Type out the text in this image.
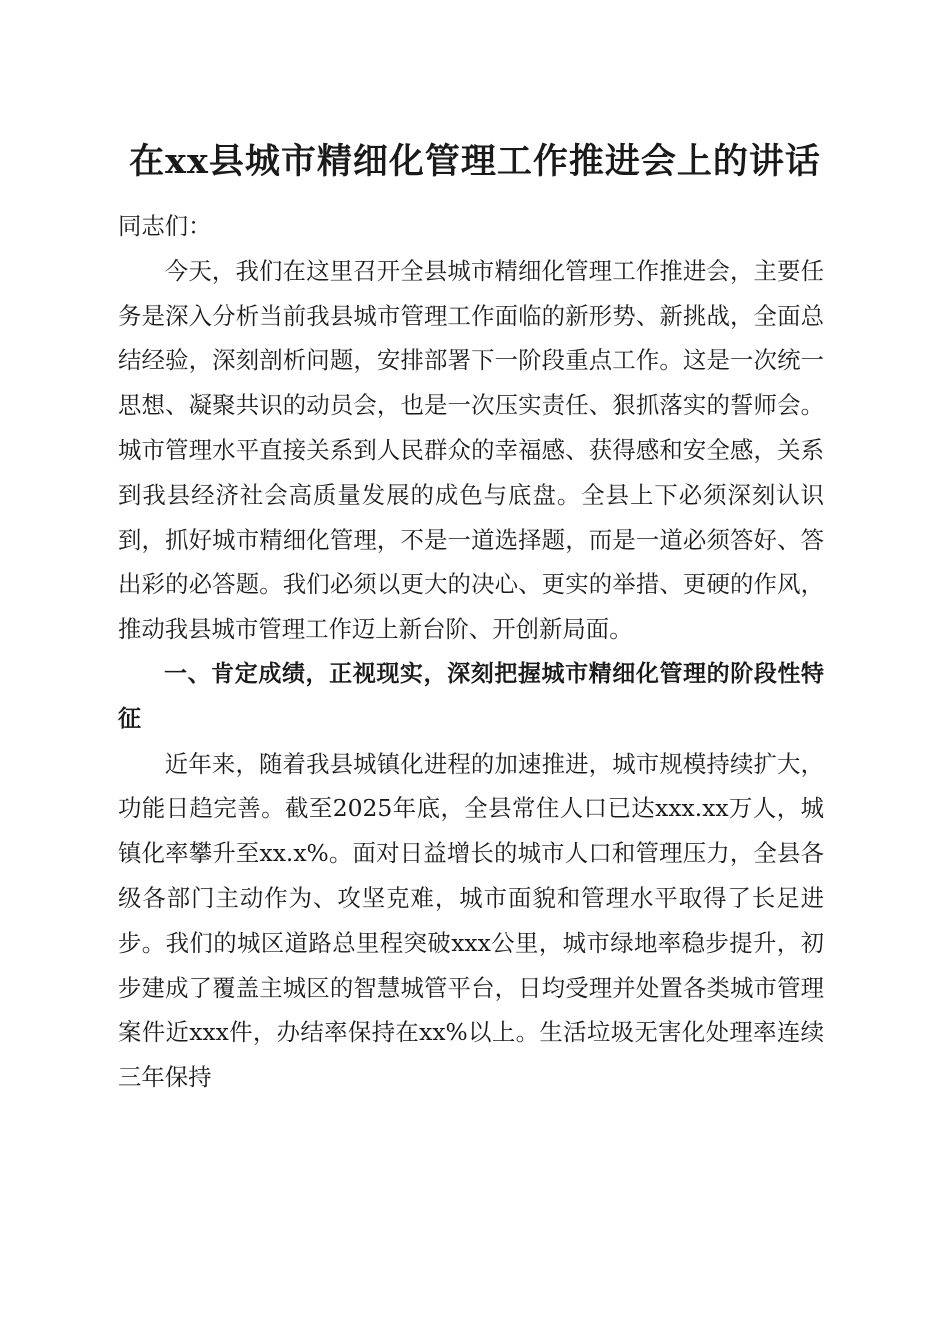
在xx县城市精细化管理工作推进会上的讲话

同志们：

今天，我们在这里召开全县城市精细化管理工作推进会，主要任务是深入分析当前我县城市管理工作面临的新形势、新挑战，全面总结经验，深刻剖析问题，安排部署下一阶段重点工作。这是一次统一思想、凝聚共识的动员会，也是一次压实责任、狠抓落实的誓师会。城市管理水平直接关系到人民群众的幸福感、获得感和安全感，关系到我县经济社会高质量发展的成色与底盘。全县上下必须深刻认识到，抓好城市精细化管理，不是一道选择题，而是一道必须答好、答出彩的必答题。我们必须以更大的决心、更实的举措、更硬的作风，推动我县城市管理工作迈上新台阶、开创新局面。

一、肯定成绩，正视现实，深刻把握城市精细化管理的阶段性特征

近年来，随着我县城镇化进程的加速推进，城市规模持续扩大，功能日趋完善。截至2025年底，全县常住人口已达xxx.xx万人，城镇化率攀升至xx.x%。面对日益增长的城市人口和管理压力，全县各级各部门主动作为、攻坚克难，城市面貌和管理水平取得了长足进步。我们的城区道路总里程突破xxx公里，城市绿地率稳步提升，初步建成了覆盖主城区的智慧城管平台，日均受理并处置各类城市管理案件近xxx件，办结率保持在xx%以上。生活垃圾无害化处理率连续三年保持
